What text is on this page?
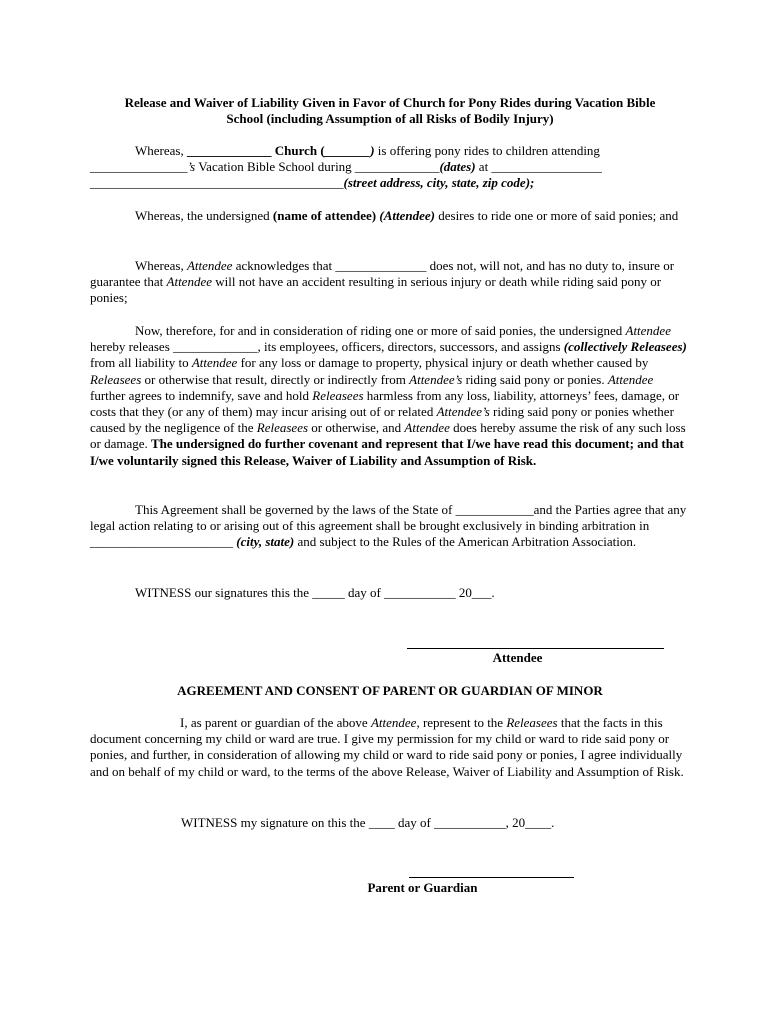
Release and Waiver of Liability Given in Favor of Church for Pony Rides during Vacation Bible
School (including Assumption of all Risks of Bodily Injury)

Whereas, _____________ Church (_______) is offering pony rides to children attending
_______________’s Vacation Bible School during _____________(dates) at _________________
_______________________________________(street address, city, state, zip code);

Whereas, the undersigned (name of attendee) (Attendee) desires to ride one or more of said ponies; and

Whereas, Attendee acknowledges that ______________ does not, will not, and has no duty to, insure or guarantee that Attendee will not have an accident resulting in serious injury or death while riding said pony or ponies;

Now, therefore, for and in consideration of riding one or more of said ponies, the undersigned Attendee hereby releases _____________, its employees, officers, directors, successors, and assigns (collectively Releasees) from all liability to Attendee for any loss or damage to property, physical injury or death whether caused by Releasees or otherwise that result, directly or indirectly from Attendee’s riding said pony or ponies. Attendee further agrees to indemnify, save and hold Releasees harmless from any loss, liability, attorneys’ fees, damage, or costs that they (or any of them) may incur arising out of or related Attendee’s riding said pony or ponies whether caused by the negligence of the Releasees or otherwise, and Attendee does hereby assume the risk of any such loss or damage. The undersigned do further covenant and represent that I/we have read this document; and that I/we voluntarily signed this Release, Waiver of Liability and Assumption of Risk.

This Agreement shall be governed by the laws of the State of ____________and the Parties agree that any legal action relating to or arising out of this agreement shall be brought exclusively in binding arbitration in ______________________ (city, state) and subject to the Rules of the American Arbitration Association.

WITNESS our signatures this the _____ day of ___________ 20___.

Attendee
AGREEMENT AND CONSENT OF PARENT OR GUARDIAN OF MINOR

I, as parent or guardian of the above Attendee, represent to the Releasees that the facts in this document concerning my child or ward are true. I give my permission for my child or ward to ride said pony or ponies, and further, in consideration of allowing my child or ward to ride said pony or ponies, I agree individually and on behalf of my child or ward, to the terms of the above Release, Waiver of Liability and Assumption of Risk.

WITNESS my signature on this the ____ day of ___________, 20____.

Parent or Guardian
